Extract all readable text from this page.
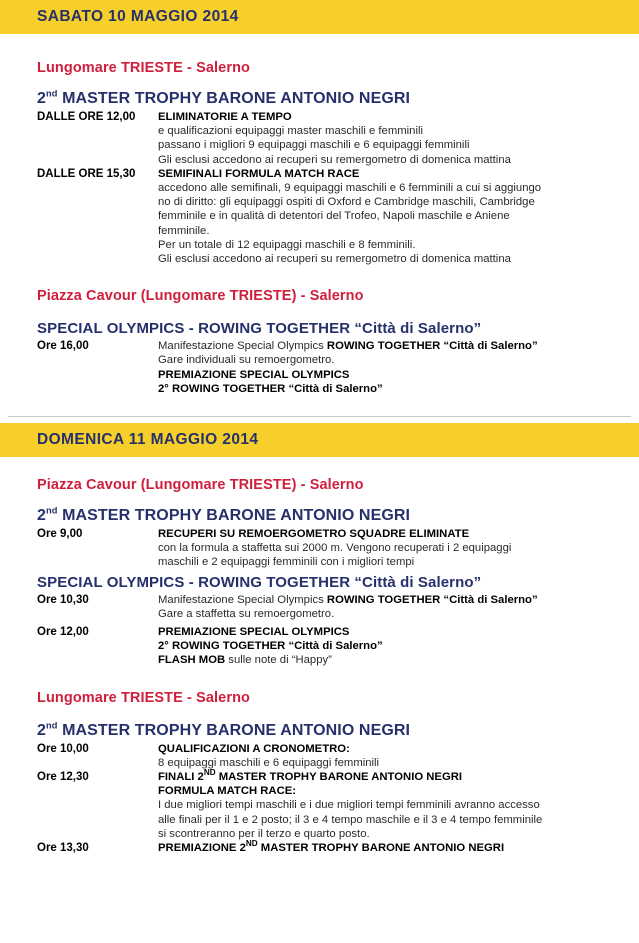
SABATO 10 MAGGIO 2014
Lungomare TRIESTE - Salerno
2nd MASTER TROPHY BARONE ANTONIO NEGRI
DALLE ORE 12,00	ELIMINATORIE A TEMPO
e qualificazioni equipaggi master maschili e femminili
passano i migliori 9 equipaggi maschili e 6 equipaggi femminili
Gli esclusi accedono ai recuperi su remergometro di domenica mattina
DALLE ORE 15,30	SEMIFINALI FORMULA MATCH RACE
accedono alle semifinali, 9 equipaggi maschili e 6 femminili a cui si aggiungo
no di diritto: gli equipaggi ospiti di Oxford e Cambridge maschili, Cambridge
femminile e in qualità di detentori del Trofeo, Napoli maschile e Aniene
femminile.
Per un totale di 12 equipaggi maschili e 8 femminili.
Gli esclusi accedono ai recuperi su remergometro di domenica mattina
Piazza Cavour (Lungomare TRIESTE) - Salerno
SPECIAL OLYMPICS - ROWING TOGETHER “Città di Salerno”
Ore 16,00	Manifestazione Special Olympics ROWING TOGETHER “Città di Salerno”
Gare individuali su remoergometro.
PREMIAZIONE SPECIAL OLYMPICS
2° ROWING TOGETHER “Città di Salerno”
DOMENICA 11 MAGGIO 2014
Piazza Cavour (Lungomare TRIESTE) - Salerno
2nd MASTER TROPHY BARONE ANTONIO NEGRI
Ore 9,00	RECUPERI SU REMOERGOMETRO SQUADRE ELIMINATE
con la formula a staffetta sui 2000 m. Vengono recuperati i 2 equipaggi
maschili e 2 equipaggi femminili con i migliori tempi
SPECIAL OLYMPICS - ROWING TOGETHER “Città di Salerno”
Ore 10,30	Manifestazione Special Olympics ROWING TOGETHER “Città di Salerno”
Gare a staffetta su remoergometro.
Ore 12,00	PREMIAZIONE SPECIAL OLYMPICS
2° ROWING TOGETHER “Città di Salerno”
FLASH MOB sulle note di “Happy”
Lungomare TRIESTE - Salerno
2nd MASTER TROPHY BARONE ANTONIO NEGRI
Ore 10,00	QUALIFICAZIONI A CRONOMETRO:
8 equipaggi maschili e 6 equipaggi femminili
Ore 12,30	FINALI 2ND MASTER TROPHY BARONE ANTONIO NEGRI
FORMULA MATCH RACE:
I due migliori tempi maschili e i due migliori tempi femminili avranno accesso
alle finali per il 1 e 2 posto; il 3 e 4 tempo maschile e il 3 e 4 tempo femminile
si scontreranno per il terzo e quarto posto.
Ore 13,30	PREMIAZIONE 2ND MASTER TROPHY BARONE ANTONIO NEGRI
